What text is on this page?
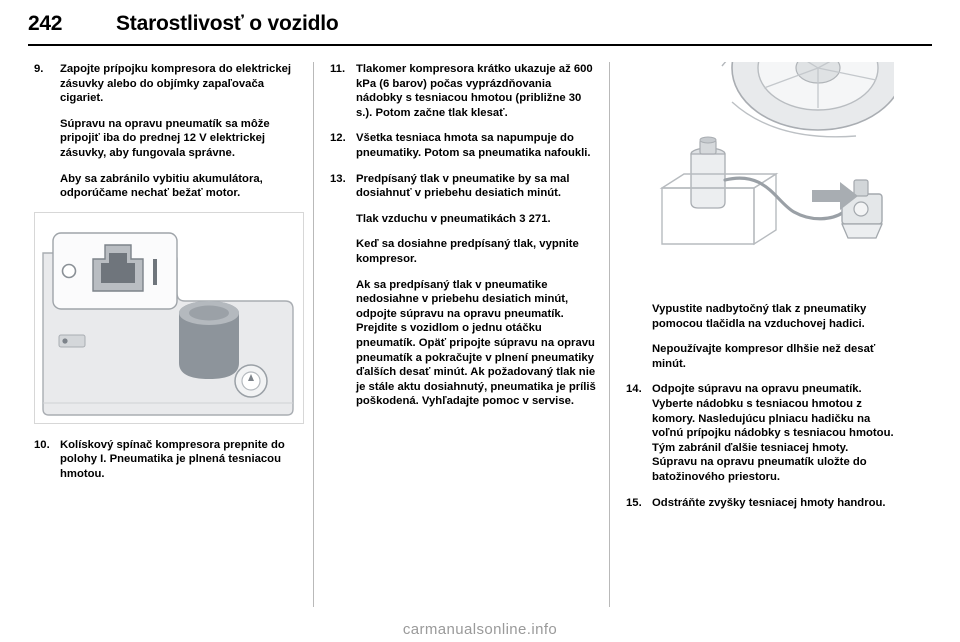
242	Starostlivosť o vozidlo
9.	Zapojte prípojku kompresora do elektrickej zásuvky alebo do objímky zapaľovača cigariet.
Súpravu na opravu pneumatík sa môže pripojiť iba do prednej 12 V elektrickej zásuvky, aby fungovala správne.
Aby sa zabránilo vybitiu akumulátora, odporúčame nechať bežať motor.
10. Kolískový spínač kompresora prepnite do polohy I. Pneumatika je plnená tesniacou hmotou.
11. Tlakomer kompresora krátko ukazuje až 600 kPa (6 barov) počas vyprázdňovania nádobky s tesniacou hmotou (približne 30 s.). Potom začne tlak klesať.
12. Všetka tesniaca hmota sa napumpuje do pneumatiky. Potom sa pneumatika nafoukli.
13. Predpísaný tlak v pneumatike by sa mal dosiahnuť v priebehu desiatich minút.
Tlak vzduchu v pneumatikách 3 271.
Keď sa dosiahne predpísaný tlak, vypnite kompresor.
Ak sa predpísaný tlak v pneumatike nedosiahne v priebehu desiatich minút, odpojte súpravu na opravu pneumatík. Prejdite s vozidlom o jednu otáčku pneumatík. Opäť pripojte súpravu na opravu pneumatík a pokračujte v plnení pneumatiky ďalších desať minút. Ak požadovaný tlak nie je stále aktu dosiahnutý, pneumatika je príliš poškodená. Vyhľadajte pomoc v servise.
Vypustite nadbytočný tlak z pneumatiky pomocou tlačidla na vzduchovej hadici.
Nepoužívajte kompresor dlhšie než desať minút.
14. Odpojte súpravu na opravu pneumatík. Vyberte nádobku s tesniacou hmotou z komory. Nasledujúcu plniacu hadičku na voľnú prípojku nádobky s tesniacou hmotou. Tým zabránil ďalšie tesniacej hmoty. Súpravu na opravu pneumatík uložte do batožinového priestoru.
15. Odstráňte zvyšky tesniacej hmoty handrou.
carmanualsonline.info
